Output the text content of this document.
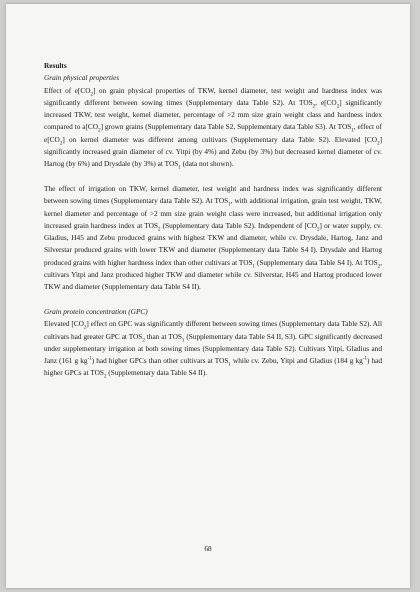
Results

Grain physical properties

Effect of $e[CO_2]$ on grain physical properties of TKW, kernel diameter, test weight and hardness index was significantly different between sowing times (Supplementary data Table S2). At $TOS_2$, $e[CO_2]$ significantly increased TKW, test weight, kernel diameter, percentage of >2 mm size grain weight class and hardness index compared to $a[CO_2]$ grown grains (Supplementary data Table S2, Supplementary data Table S3). At $TOS_1$, effect of $e[CO_2]$ on kernel diameter was different among cultivars (Supplementary data Table S2). Elevated $[CO_2]$ significantly increased grain diameter of cv. Yitpi (by 4%) and Zebu (by 3%) but decreased kernel diameter of cv. Hartog (by 6%) and Drysdale (by 3%) at $TOS_1$ (data not shown).

The effect of irrigation on TKW, kernel diameter, test weight and hardness index was significantly different between sowing times (Supplementary data Table S2). At $TOS_1$, with additional irrigation, grain test weight, TKW, kernel diameter and percentage of >2 mm size grain weight class were increased, but additional irrigation only increased grain hardness index at $TOS_2$ (Supplementary data Table S2). Independent of $[CO_2]$ or water supply, cv. Gladius, H45 and Zebu produced grains with highest TKW and diameter, while cv. Drysdale, Hartog, Janz and Silverstar produced grains with lower TKW and diameter (Supplementary data Table S4 I). Drysdale and Hartog produced grains with higher hardness index than other cultivars at $TOS_1$ (Supplementary data Table S4 I). At $TOS_2$, cultivars Yitpi and Janz produced higher TKW and diameter while cv. Silverstar, H45 and Hartog produced lower TKW and diameter (Supplementary data Table S4 II).

Grain protein concentration (GPC)

Elevated $[CO_2]$ effect on GPC was significantly different between sowing times (Supplementary data Table S2). All cultivars had greater GPC at $TOS_2$ than at $TOS_1$ (Supplementary data Table S4 II, S3). GPC significantly decreased under supplementary irrigation at both sowing times (Supplementary data Table S2). Cultivars Yitpi, Gladius and Janz (161 g $kg^{-1}$) had higher GPCs than other cultivars at $TOS_1$ while cv. Zebu, Yitpi and Gladius (184 g $kg^{-1}$) had higher GPCs at $TOS_2$ (Supplementary data Table S4 II).

68
